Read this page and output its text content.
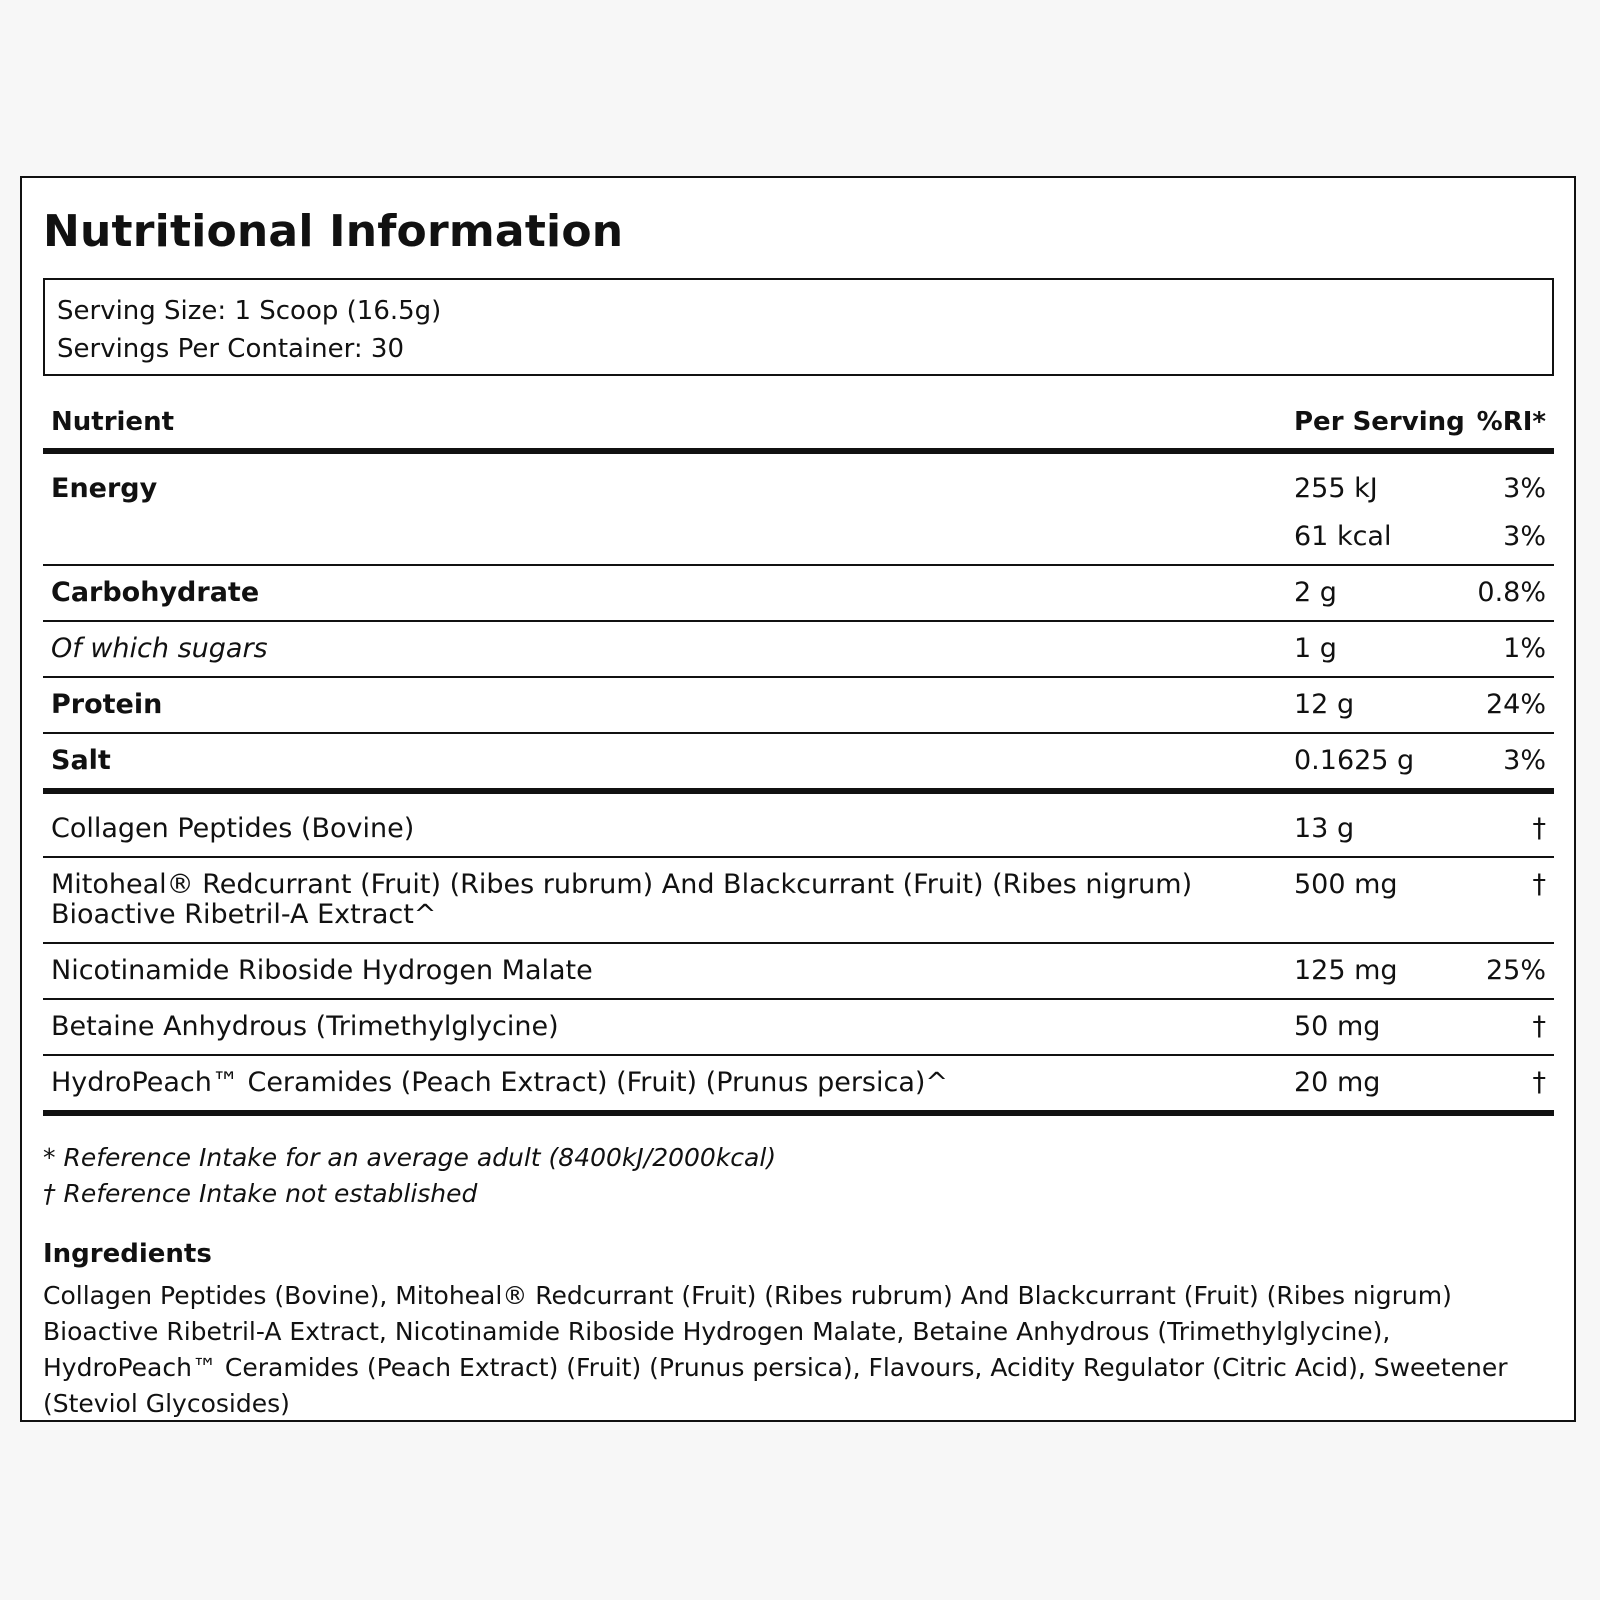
Nutritional Information
Serving Size: 1 Scoop (16.5g)
Servings Per Container: 30
Nutrient	Per Serving	%RI*
Energy	255 kJ	3%
	61 kcal	3%
Carbohydrate	2 g	0.8%
Of which sugars	1 g	1%
Protein	12 g	24%
Salt	0.1625 g	3%
Collagen Peptides (Bovine)	13 g	†
Mitoheal® Redcurrant (Fruit) (Ribes rubrum) And Blackcurrant (Fruit) (Ribes nigrum) Bioactive Ribetril-A Extract^	500 mg	†
Nicotinamide Riboside Hydrogen Malate	125 mg	25%
Betaine Anhydrous (Trimethylglycine)	50 mg	†
HydroPeach™ Ceramides (Peach Extract) (Fruit) (Prunus persica)^	20 mg	†
* Reference Intake for an average adult (8400kJ/2000kcal)
† Reference Intake not established
Ingredients
Collagen Peptides (Bovine), Mitoheal® Redcurrant (Fruit) (Ribes rubrum) And Blackcurrant (Fruit) (Ribes nigrum) Bioactive Ribetril-A Extract, Nicotinamide Riboside Hydrogen Malate, Betaine Anhydrous (Trimethylglycine), HydroPeach™ Ceramides (Peach Extract) (Fruit) (Prunus persica), Flavours, Acidity Regulator (Citric Acid), Sweetener (Steviol Glycosides)
